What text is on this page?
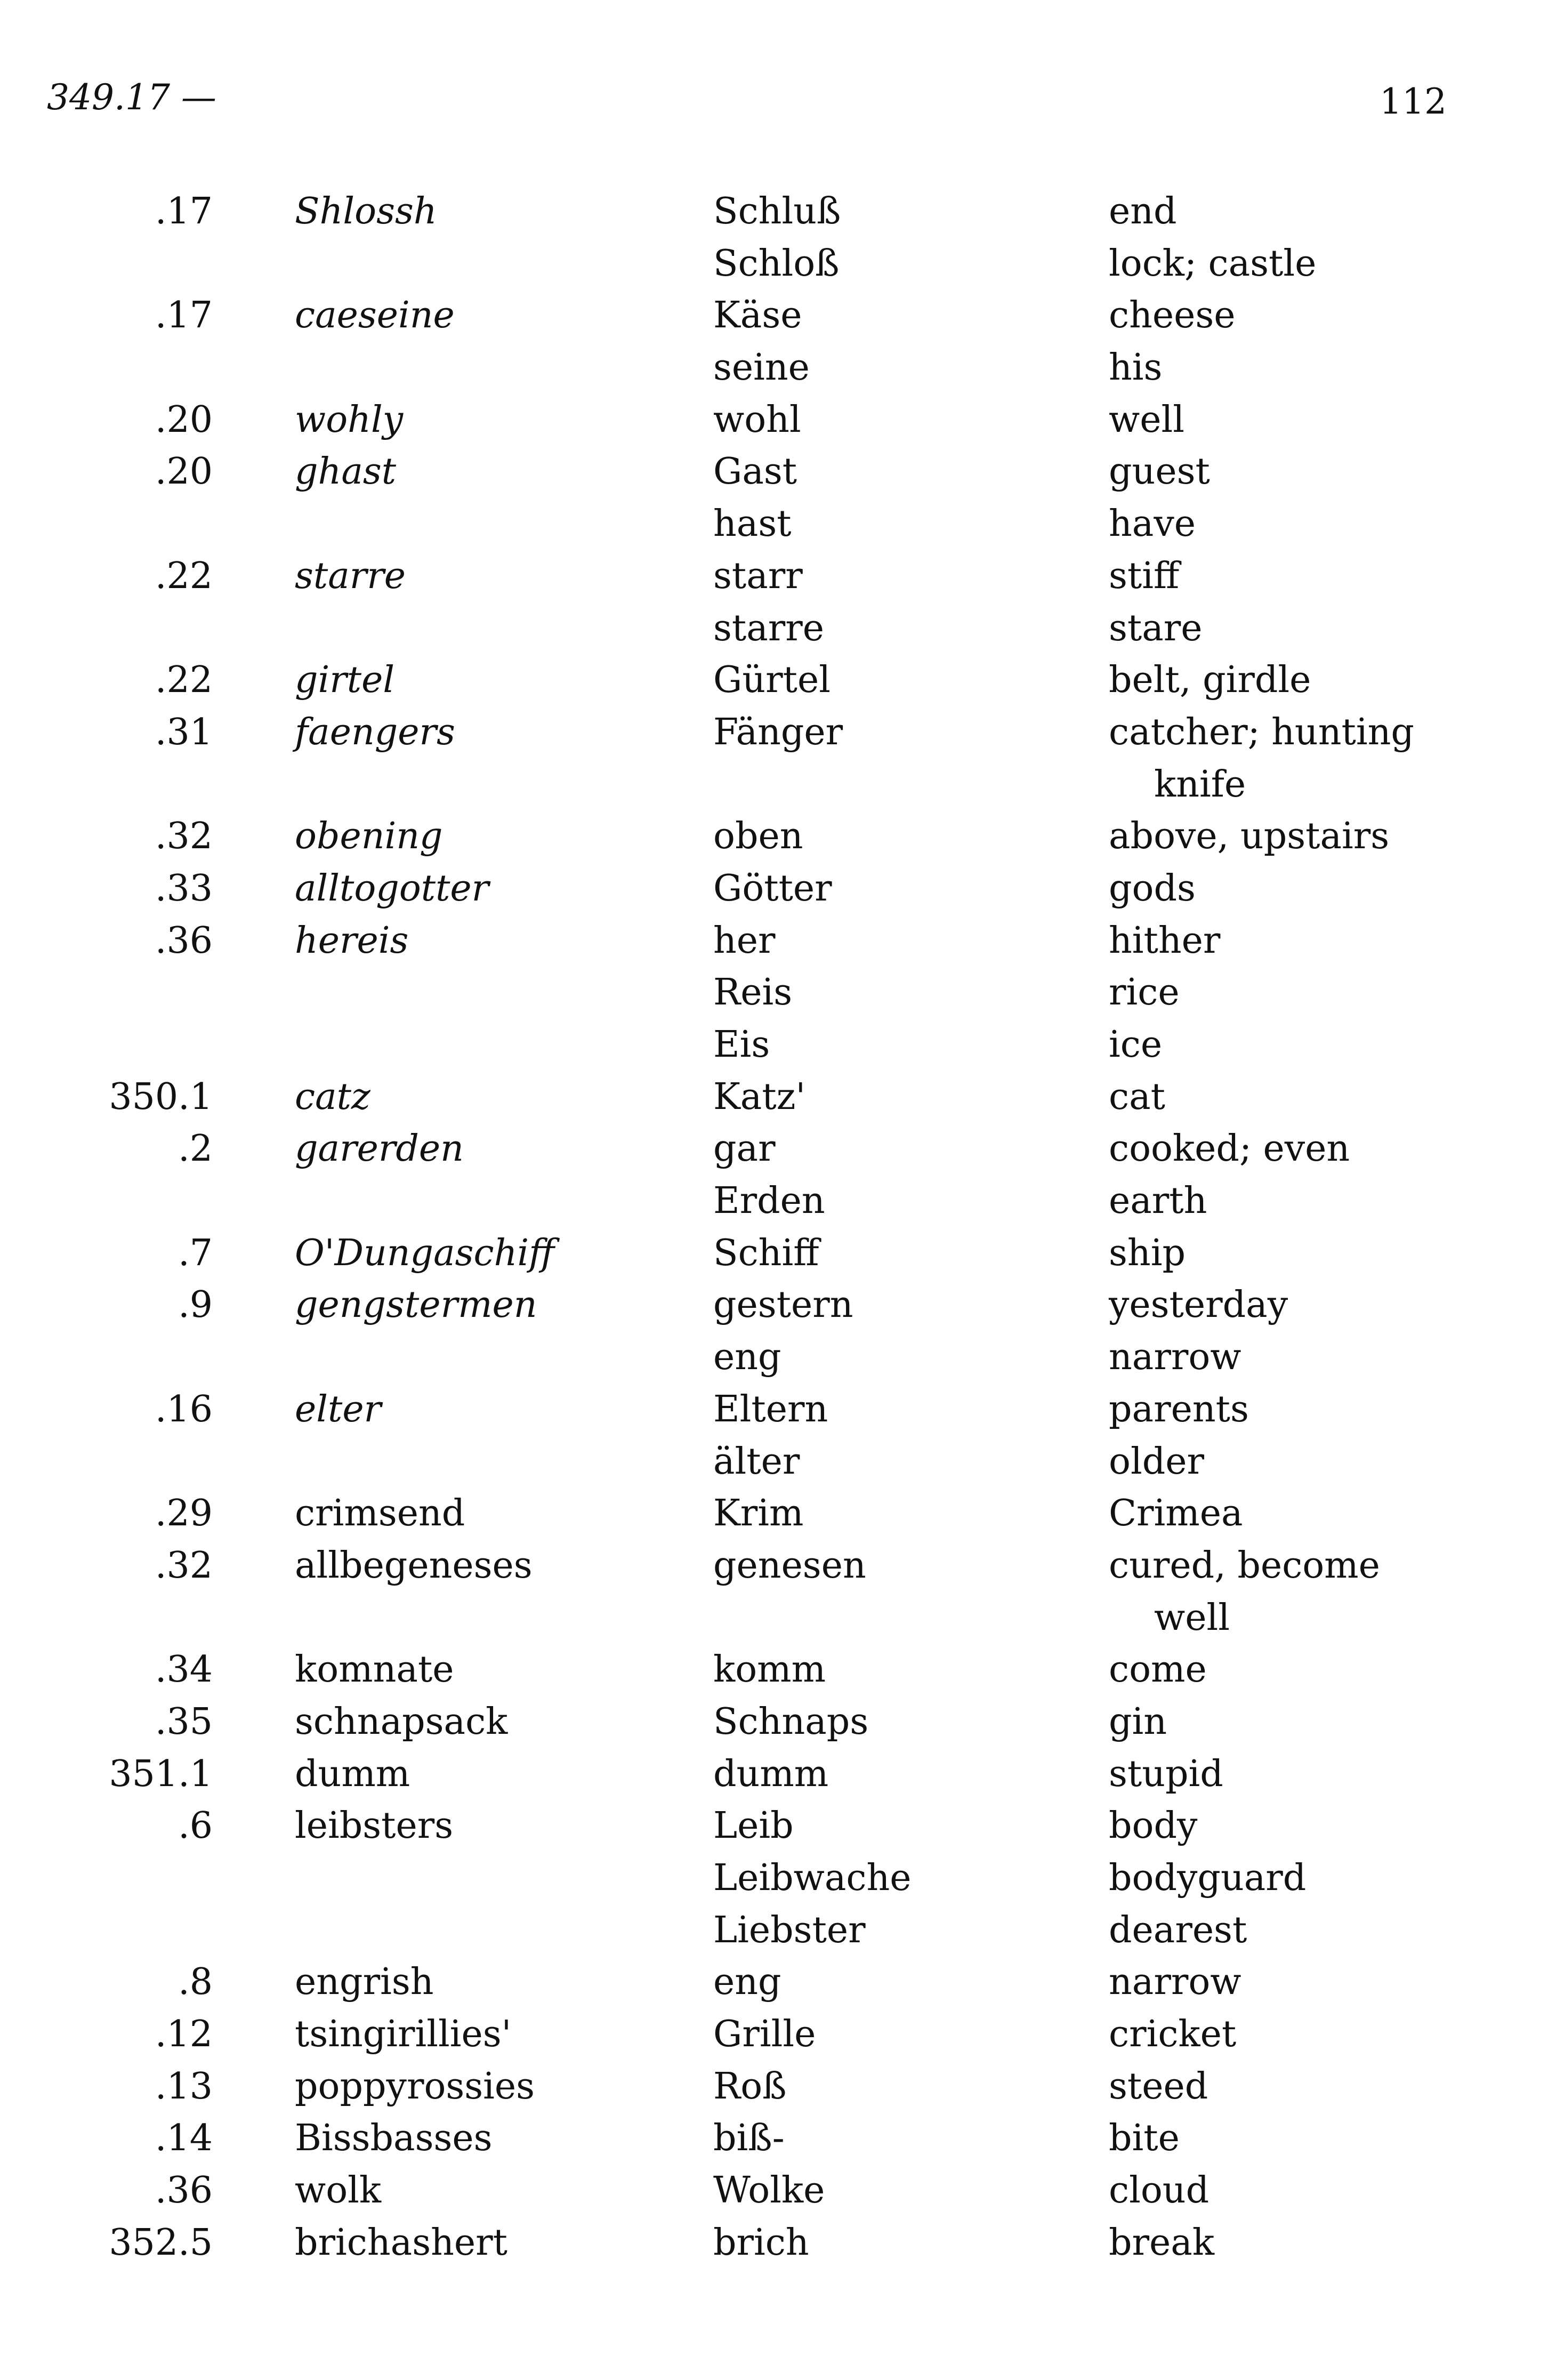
349.17 —	112
.17 Shlossh	Schluß	end
Schloß	lock; castle
.17 caeseine	Käse	cheese
seine	his
.20 wohly	wohl	well
.20 ghast	Gast	guest
hast	have
.22 starre	starr	stiff
starre	stare
.22 girtel	Gürtel	belt, girdle
.31 faengers	Fänger	catcher; hunting
knife
.32 obening	oben	above, upstairs
.33 alltogotter	Götter	gods
.36 hereis	her	hither
Reis	rice
Eis	ice
350.1 catz	Katz'	cat
.2 garerden	gar	cooked; even
Erden	earth
.7 O'Dungaschiff	Schiff	ship
.9 gengstermen	gestern	yesterday
eng	narrow
.16 elter	Eltern	parents
älter	older
.29 crimsend	Krim	Crimea
.32 allbegeneses	genesen	cured, become
well
.34 komnate	komm	come
.35 schnapsack	Schnaps	gin
351.1 dumm	dumm	stupid
.6 leibsters	Leib	body
Leibwache	bodyguard
Liebster	dearest
.8 engrish	eng	narrow
.12 tsingirillies'	Grille	cricket
.13 poppyrossies	Roß	steed
.14 Bissbasses	biß-	bite
.36 wolk	Wolke	cloud
352.5 brichashert	brich	break
